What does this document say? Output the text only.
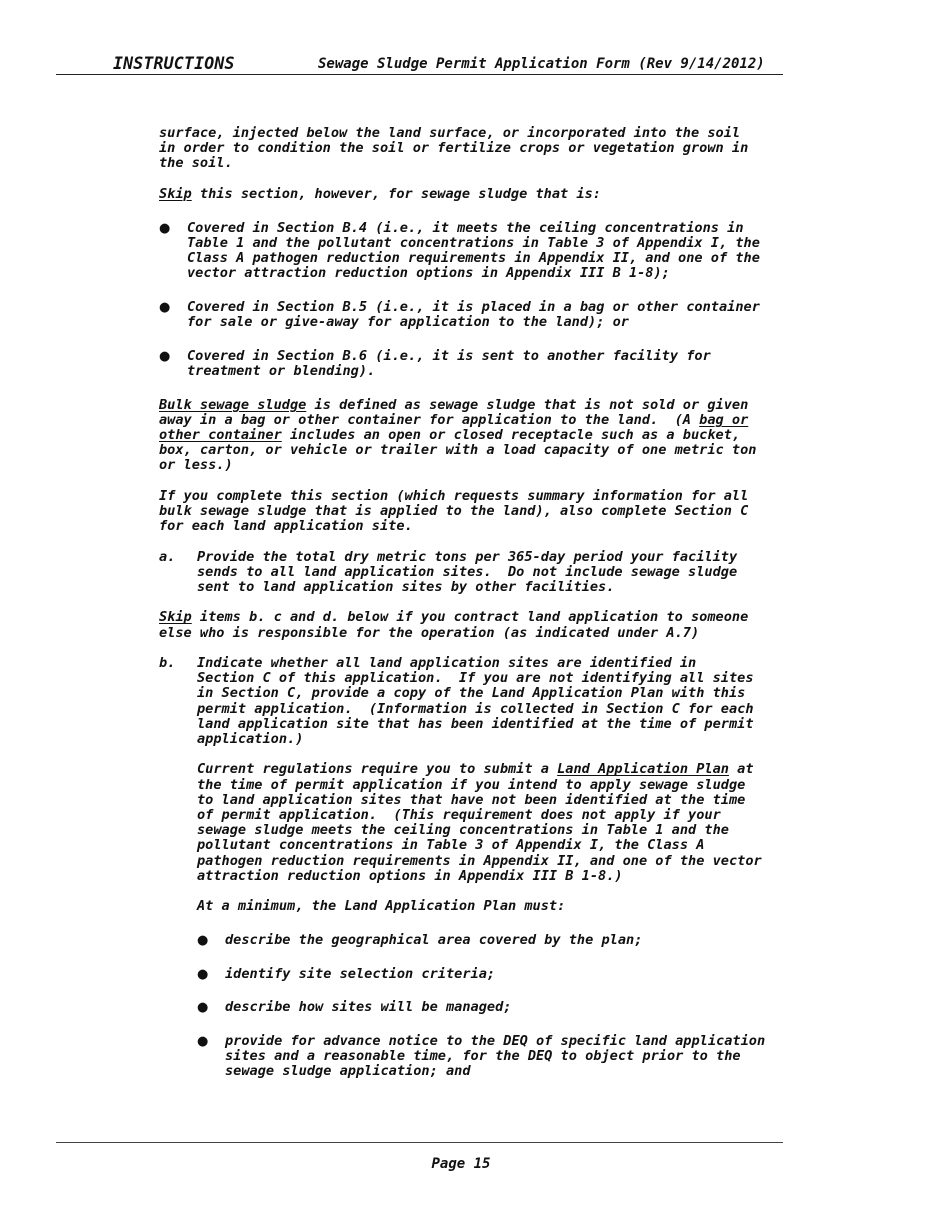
INSTRUCTIONS	Sewage Sludge Permit Application Form (Rev 9/14/2012)

surface, injected below the land surface, or incorporated into the soil

in order to condition the soil or fertilize crops or vegetation grown in

the soil.

Skip this section, however, for sewage sludge that is:

● Covered in Section B.4 (i.e., it meets the ceiling concentrations in

Table 1 and the pollutant concentrations in Table 3 of Appendix I, the

Class A pathogen reduction requirements in Appendix II, and one of the

vector attraction reduction options in Appendix III B 1-8);

● Covered in Section B.5 (i.e., it is placed in a bag or other container

for sale or give-away for application to the land); or

● Covered in Section B.6 (i.e., it is sent to another facility for

treatment or blending).

Bulk sewage sludge is defined as sewage sludge that is not sold or given

away in a bag or other container for application to the land.  (A bag or

other container includes an open or closed receptacle such as a bucket,

box, carton, or vehicle or trailer with a load capacity of one metric ton

or less.)

If you complete this section (which requests summary information for all

bulk sewage sludge that is applied to the land), also complete Section C

for each land application site.

a. Provide the total dry metric tons per 365-day period your facility

sends to all land application sites.  Do not include sewage sludge

sent to land application sites by other facilities.

Skip items b. c and d. below if you contract land application to someone

else who is responsible for the operation (as indicated under A.7)

b. Indicate whether all land application sites are identified in

Section C of this application.  If you are not identifying all sites

in Section C, provide a copy of the Land Application Plan with this

permit application.  (Information is collected in Section C for each

land application site that has been identified at the time of permit

application.)

Current regulations require you to submit a Land Application Plan at

the time of permit application if you intend to apply sewage sludge

to land application sites that have not been identified at the time

of permit application.  (This requirement does not apply if your

sewage sludge meets the ceiling concentrations in Table 1 and the

pollutant concentrations in Table 3 of Appendix I, the Class A

pathogen reduction requirements in Appendix II, and one of the vector

attraction reduction options in Appendix III B 1-8.)

At a minimum, the Land Application Plan must:

● describe the geographical area covered by the plan;

● identify site selection criteria;

● describe how sites will be managed;

● provide for advance notice to the DEQ of specific land application

sites and a reasonable time, for the DEQ to object prior to the

sewage sludge application; and

Page 15
